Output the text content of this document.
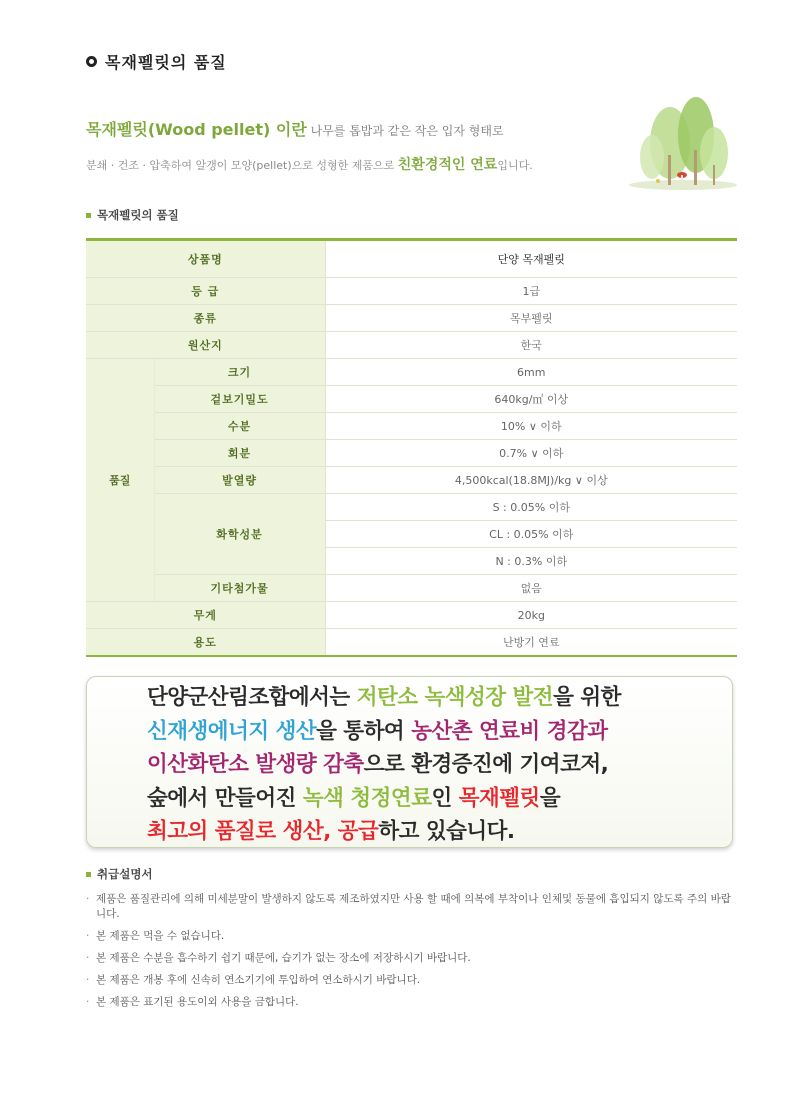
목재펠릿의 품질
목재펠릿(Wood pellet) 이란 나무를 톱밥과 같은 작은 입자 형태로
분쇄 · 건조 · 압축하여 알갱이 모양(pellet)으로 성형한 제품으로 친환경적인 연료입니다.
목재펠릿의 품질
상품명		단양 목재펠릿
등 급		1급
종류		목부펠릿
원산지		한국
품질	크기	6mm
	겉보기밀도	640kg/㎥ 이상
	수분	10% ∨ 이하
	회분	0.7% ∨ 이하
	발열량	4,500kcal(18.8MJ)/kg ∨ 이상
	화학성분	S : 0.05% 이하
		CL : 0.05% 이하
		N : 0.3% 이하
	기타첨가물	없음
무게		20kg
용도		난방기 연료
단양군산림조합에서는 저탄소 녹색성장 발전을 위한
신재생에너지 생산을 통하여 농산촌 연료비 경감과
이산화탄소 발생량 감축으로 환경증진에 기여코저,
숲에서 만들어진 녹색 청정연료인 목재펠릿을
최고의 품질로 생산, 공급하고 있습니다.
취급설명서
· 제품은 품질관리에 의해 미세분말이 발생하지 않도록 제조하였지만 사용 할 때에 의복에 부착이나 인체및 동물에 흡입되지 않도록 주의 바랍니다.
· 본 제품은 먹을 수 없습니다.
· 본 제품은 수분을 흡수하기 쉽기 때문에, 습기가 없는 장소에 저장하시기 바랍니다.
· 본 제품은 개봉 후에 신속히 연소기기에 투입하여 연소하시기 바랍니다.
· 본 제품은 표기된 용도이외 사용을 금합니다.
